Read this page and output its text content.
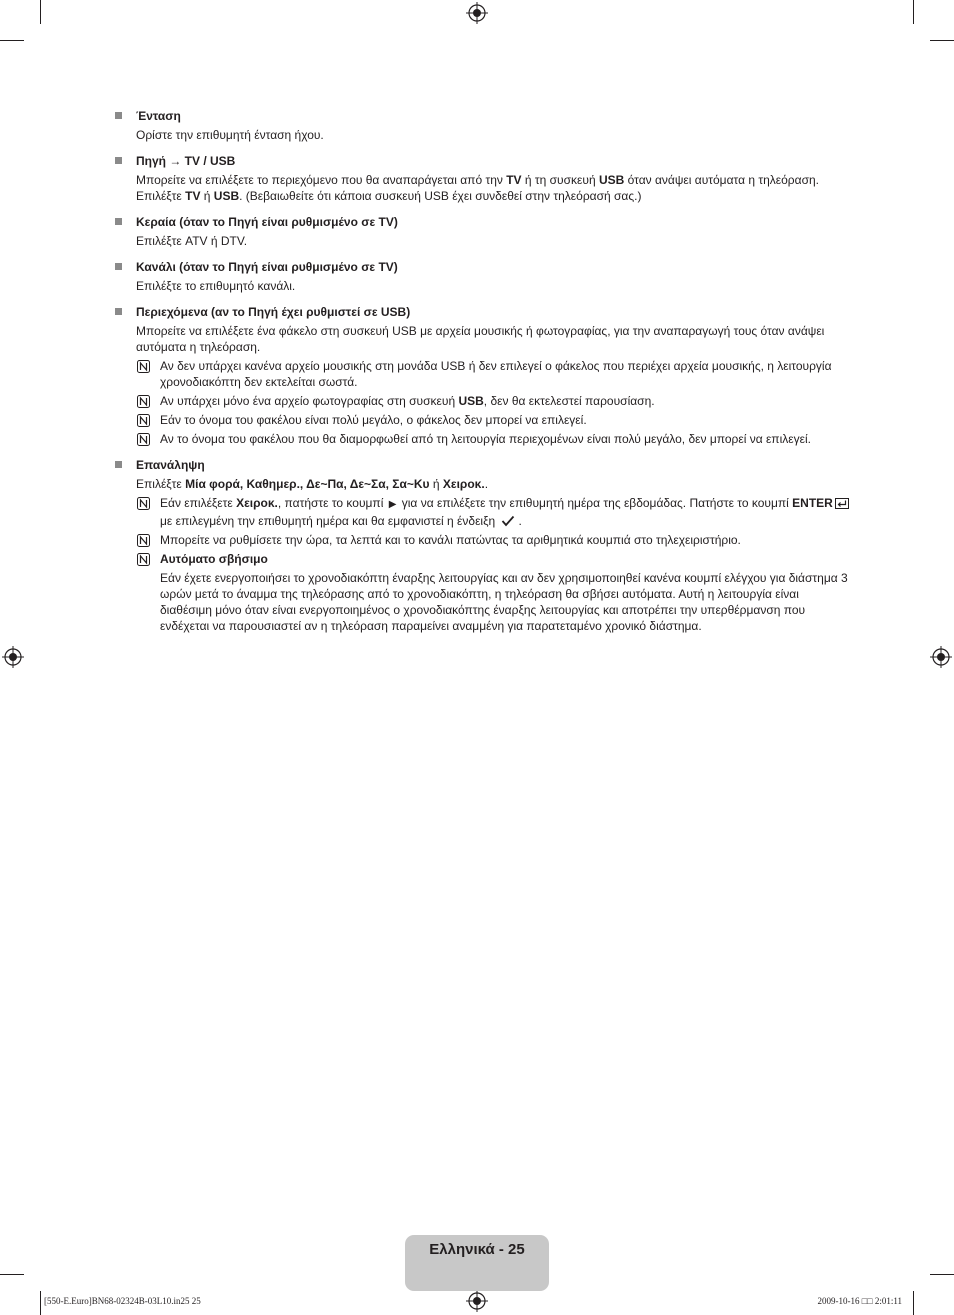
Ένταση

Ορίστε την επιθυμητή ένταση ήχου.

Πηγή → TV / USB

Μπορείτε να επιλέξετε το περιεχόμενο που θα αναπαράγεται από την TV ή τη συσκευή USB όταν ανάψει αυτόματα η τηλεόραση.

Επιλέξτε TV ή USB. (Βεβαιωθείτε ότι κάποια συσκευή USB έχει συνδεθεί στην τηλεόρασή σας.)

Κεραία (όταν το Πηγή είναι ρυθμισμένο σε TV)

Επιλέξτε ATV ή DTV.

Κανάλι (όταν το Πηγή είναι ρυθμισμένο σε TV)

Επιλέξτε το επιθυμητό κανάλι.

Περιεχόμενα (αν το Πηγή έχει ρυθμιστεί σε USB)

Μπορείτε να επιλέξετε ένα φάκελο στη συσκευή USB με αρχεία μουσικής ή φωτογραφίας, για την αναπαραγωγή τους όταν ανάψει αυτόματα η τηλεόραση.

Αν δεν υπάρχει κανένα αρχείο μουσικής στη μονάδα USB ή δεν επιλεγεί ο φάκελος που περιέχει αρχεία μουσικής, η λειτουργία χρονοδιακόπτη δεν εκτελείται σωστά.
Αν υπάρχει μόνο ένα αρχείο φωτογραφίας στη συσκευή USB, δεν θα εκτελεστεί παρουσίαση.
Εάν το όνομα του φακέλου είναι πολύ μεγάλο, ο φάκελος δεν μπορεί να επιλεγεί.
Αν το όνομα του φακέλου που θα διαμορφωθεί από τη λειτουργία περιεχομένων είναι πολύ μεγάλο, δεν μπορεί να επιλεγεί.
Επανάληψη

Επιλέξτε Μία φορά, Καθημερ., Δε~Πα, Δε~Σα, Σα~Κυ ή Χειροκ..

Εάν επιλέξετε Χειροκ., πατήστε το κουμπί ▶ για να επιλέξετε την επιθυμητή ημέρα της εβδομάδας. Πατήστε το κουμπί ENTER με επιλεγμένη την επιθυμητή ημέρα και θα εμφανιστεί η ένδειξη .
Μπορείτε να ρυθμίσετε την ώρα, τα λεπτά και το κανάλι πατώντας τα αριθμητικά κουμπιά στο τηλεχειριστήριο.
Αυτόματο σβήσιμο
Εάν έχετε ενεργοποιήσει το χρονοδιακόπτη έναρξης λειτουργίας και αν δεν χρησιμοποιηθεί κανένα κουμπί ελέγχου για διάστημα 3 ωρών μετά το άναμμα της τηλεόρασης από το χρονοδιακόπτη, η τηλεόραση θα σβήσει αυτόματα. Αυτή η λειτουργία είναι διαθέσιμη μόνο όταν είναι ενεργοποιημένος ο χρονοδιακόπτης έναρξης λειτουργίας και αποτρέπει την υπερθέρμανση που ενδέχεται να παρουσιαστεί αν η τηλεόραση παραμείνει αναμμένη για παρατεταμένο χρονικό διάστημα.
Ελληνικά - 25
[550-E.Euro]BN68-02324B-03L10.in25 25	2009-10-16 □□ 2:01:11
